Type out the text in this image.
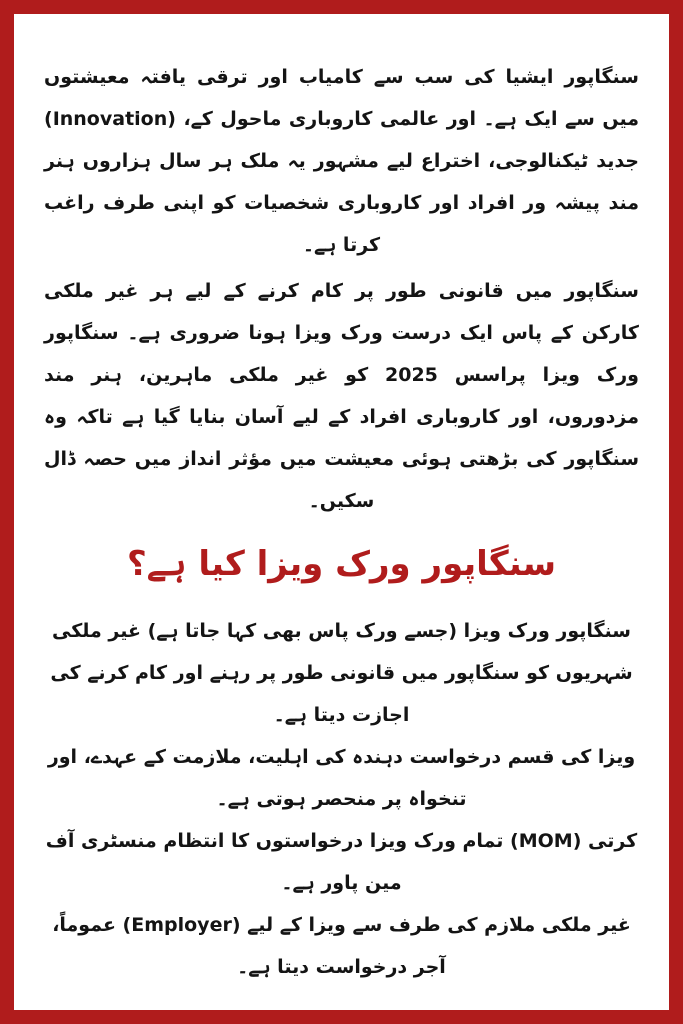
سنگاپور ایشیا کی سب سے کامیاب اور ترقی یافتہ معیشتوں میں سے ایک ہے۔ اور عالمی کاروباری ماحول کے، (Innovation) جدید ٹیکنالوجی، اختراع لیے مشہور یہ ملک ہر سال ہزاروں ہنر مند پیشہ ور افراد اور کاروباری شخصیات کو اپنی طرف راغب کرتا ہے۔

سنگاپور میں قانونی طور پر کام کرنے کے لیے ہر غیر ملکی کارکن کے پاس ایک درست ورک ویزا ہونا ضروری ہے۔ سنگاپور ورک ویزا پراسس 2025 کو غیر ملکی ماہرین، ہنر مند مزدوروں، اور کاروباری افراد کے لیے آسان بنایا گیا ہے تاکہ وہ سنگاپور کی بڑھتی ہوئی معیشت میں مؤثر انداز میں حصہ ڈال سکیں۔

سنگاپور ورک ویزا کیا ہے؟

سنگاپور ورک ویزا (جسے ورک پاس بھی کہا جاتا ہے) غیر ملکی شہریوں کو سنگاپور میں قانونی طور پر رہنے اور کام کرنے کی اجازت دیتا ہے۔

ویزا کی قسم درخواست دہندہ کی اہلیت، ملازمت کے عہدے، اور تنخواہ پر منحصر ہوتی ہے۔

کرتی (MOM) تمام ورک ویزا درخواستوں کا انتظام منسٹری آف مین پاور ہے۔

غیر ملکی ملازم کی طرف سے ویزا کے لیے (Employer) عموماً، آجر درخواست دیتا ہے۔
